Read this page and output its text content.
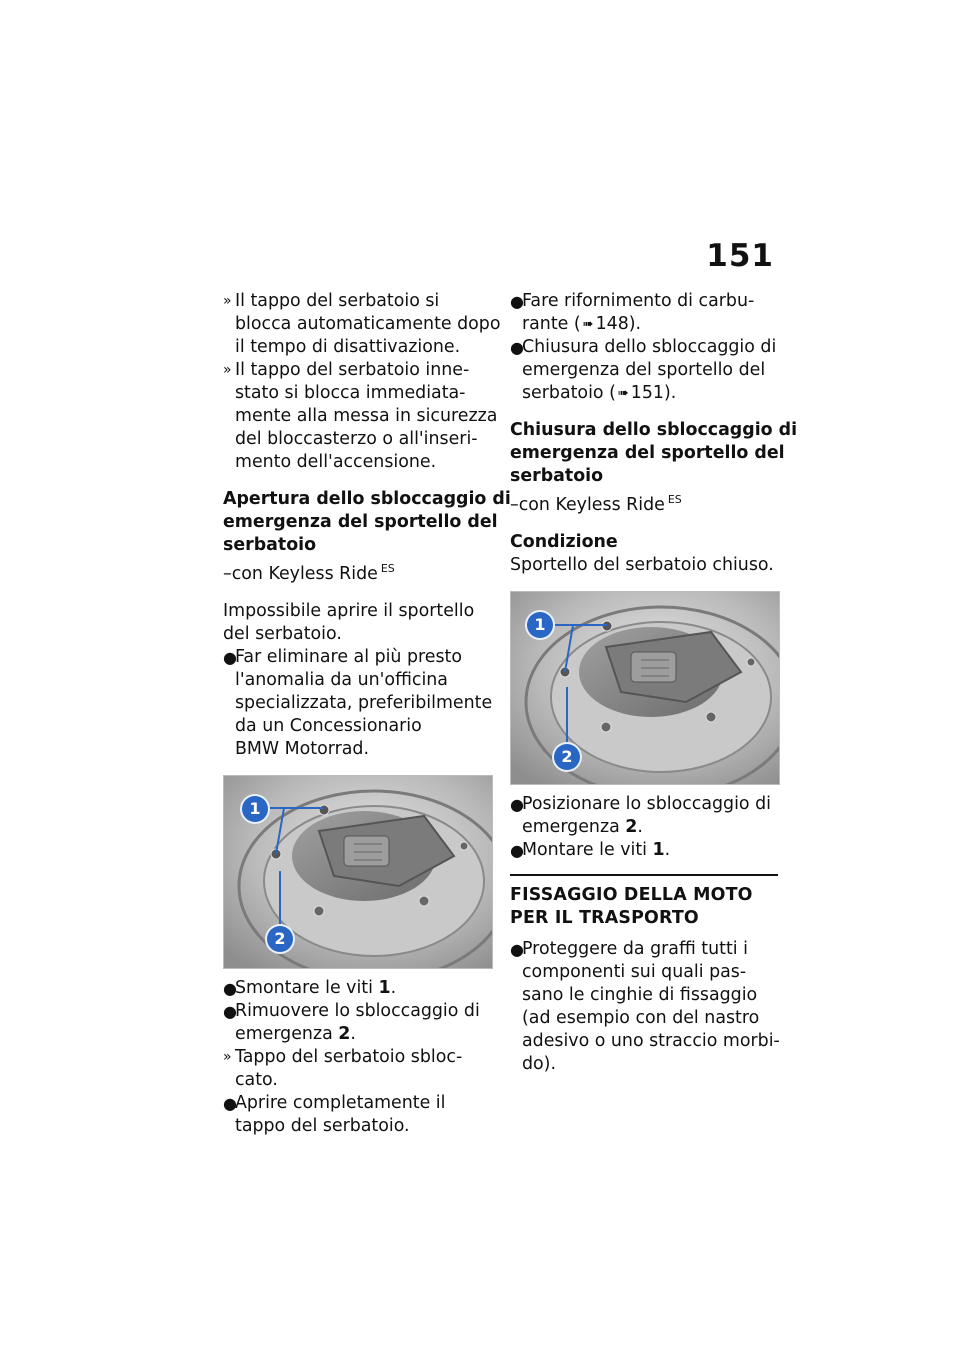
151
» Il tappo del serbatoio si
blocca automaticamente dopo
il tempo di disattivazione.
» Il tappo del serbatoio inne-
stato si blocca immediata-
mente alla messa in sicurezza
del bloccasterzo o all'inseri-
mento dell'accensione.
Apertura dello sbloccaggio di
emergenza del sportello del
serbatoio
–con Keyless Ride $^{ES}$
Impossibile aprire il sportello
del serbatoio.
●
Far eliminare al più presto
l'anomalia da un'officina
specializzata, preferibilmente
da un Concessionario
BMW Motorrad.
1
2
●
Smontare le viti 1.
●
Rimuovere lo sbloccaggio di
emergenza 2.
» Tappo del serbatoio sbloc-
cato.
●
Aprire completamente il
tappo del serbatoio.
●
Fare rifornimento di carbu-
rante ( ➠ 148).
●
Chiusura dello sbloccaggio di
emergenza del sportello del
serbatoio ( ➠ 151).
Chiusura dello sbloccaggio di
emergenza del sportello del
serbatoio
–con Keyless Ride $^{ES}$
Condizione
Sportello del serbatoio chiuso.
1
2
●
Posizionare lo sbloccaggio di
emergenza 2.
●
Montare le viti 1.
FISSAGGIO DELLA MOTO
PER IL TRASPORTO
●
Proteggere da graffi tutti i
componenti sui quali pas-
sano le cinghie di fissaggio
(ad esempio con del nastro
adesivo o uno straccio morbi-
do).
